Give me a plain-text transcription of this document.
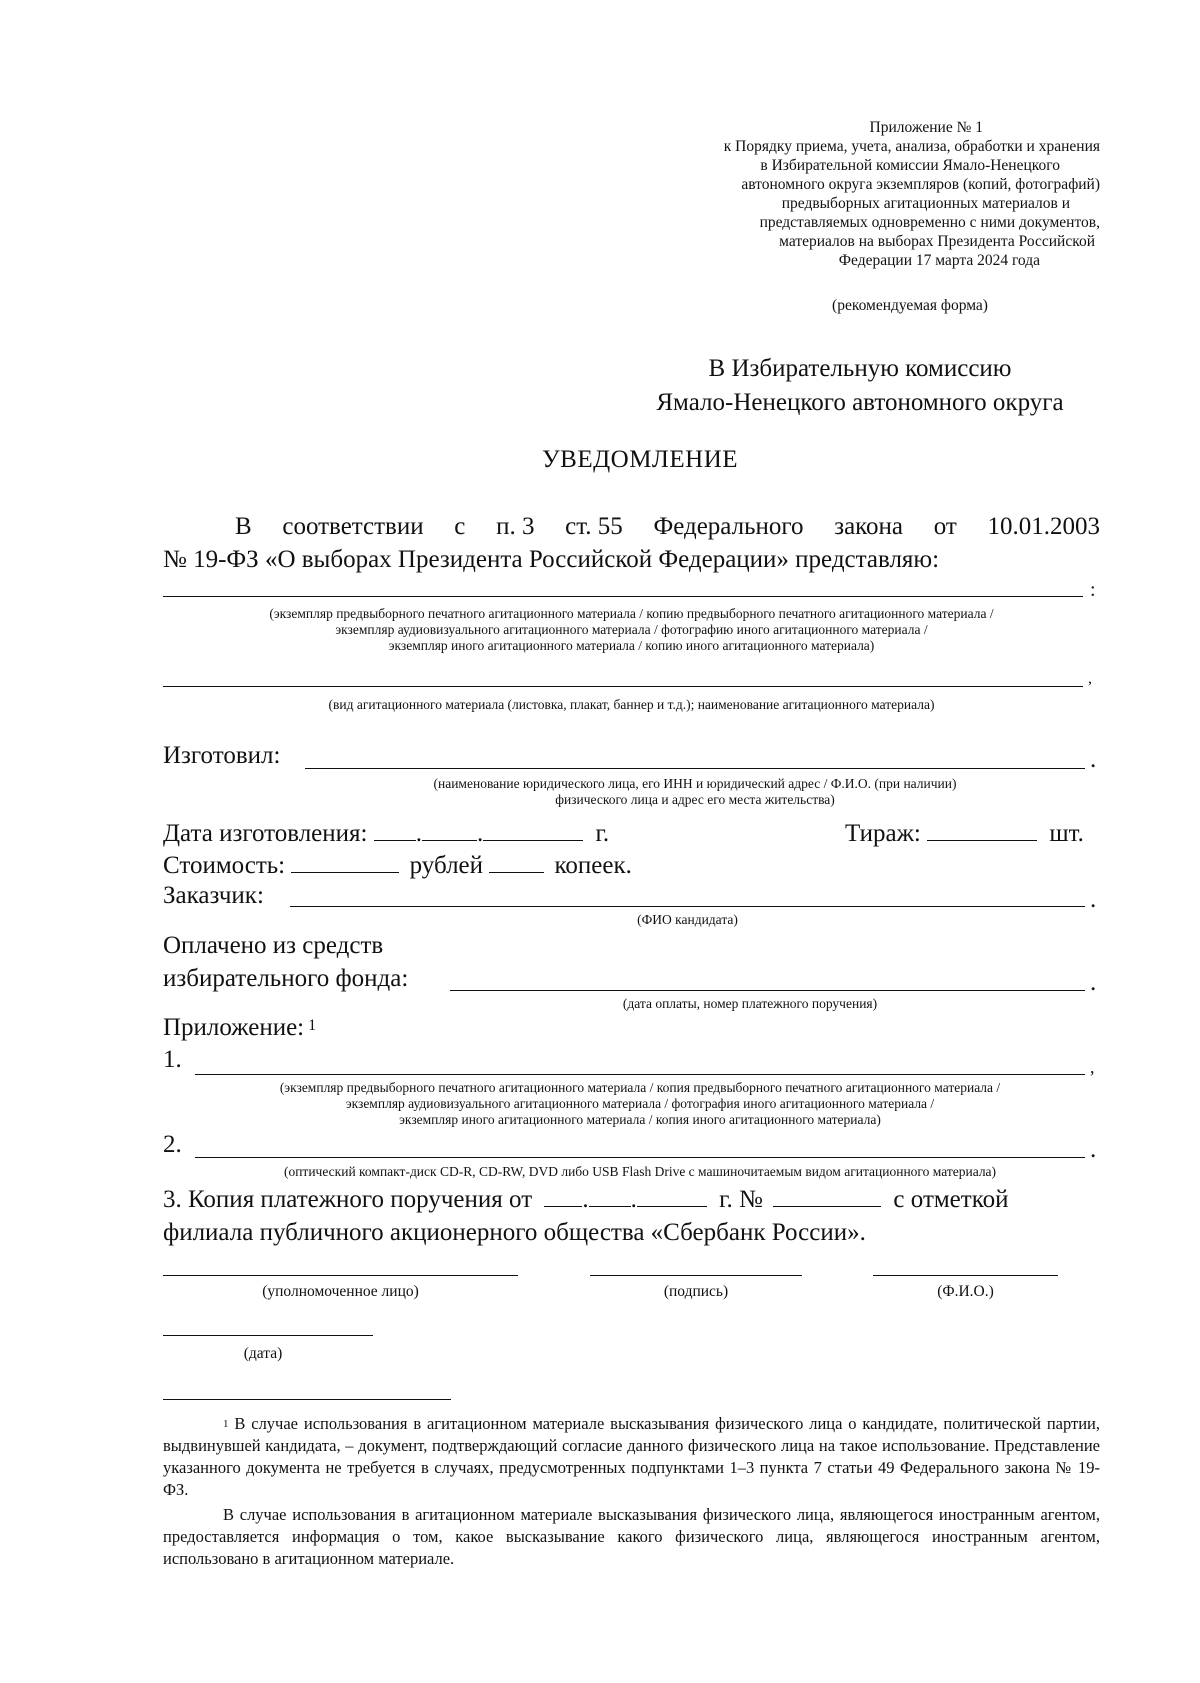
Приложение № 1
к Порядку приема, учета, анализа, обработки и хранения
в Избирательной комиссии Ямало-Ненецкого
автономного округа экземпляров (копий, фотографий)
предвыборных агитационных материалов и
представляемых одновременно с ними документов,
материалов на выборах Президента Российской
Федерации 17 марта 2024 года
(рекомендуемая форма)
В Избирательную комиссию
Ямало-Ненецкого автономного округа
УВЕДОМЛЕНИЕ
В соответствии с п. 3 ст. 55 Федерального закона от 10.01.2003
№ 19-ФЗ «О выборах Президента Российской Федерации» представляю:
:
(экземпляр предвыборного печатного агитационного материала / копию предвыборного печатного агитационного материала /
экземпляр аудиовизуального агитационного материала / фотографию иного агитационного материала /
экземпляр иного агитационного материала / копию иного агитационного материала)
,
(вид агитационного материала (листовка, плакат, баннер и т.д.); наименование агитационного материала)
Изготовил:	.
(наименование юридического лица, его ИНН и юридический адрес / Ф.И.О. (при наличии)
физического лица и адрес его места жительства)
Дата изготовления: . .	г.	Тираж:	шт.
Стоимость:	рублей	копеек.
Заказчик:	.
(ФИО кандидата)
Оплачено из средств
избирательного фонда:	.
(дата оплаты, номер платежного поручения)
Приложение: $^1$
1.	,
(экземпляр предвыборного печатного агитационного материала / копия предвыборного печатного агитационного материала /
экземпляр аудиовизуального агитационного материала / фотография иного агитационного материала /
экземпляр иного агитационного материала / копия иного агитационного материала)
2.	.
(оптический компакт-диск CD-R, CD-RW, DVD либо USB Flash Drive с машиночитаемым видом агитационного материала)
3. Копия платежного поручения от . .	г. №	с отметкой
филиала публичного акционерного общества «Сбербанк России».
(уполномоченное лицо)	(подпись)	(Ф.И.О.)
(дата)

$^1$ В случае использования в агитационном материале высказывания физического лица о кандидате, политической партии, выдвинувшей кандидата, – документ, подтверждающий согласие данного физического лица на такое использование. Представление указанного документа не требуется в случаях, предусмотренных подпунктами 1–3 пункта 7 статьи 49 Федерального закона № 19-ФЗ.

В случае использования в агитационном материале высказывания физического лица, являющегося иностранным агентом, предоставляется информация о том, какое высказывание какого физического лица, являющегося иностранным агентом, использовано в агитационном материале.
